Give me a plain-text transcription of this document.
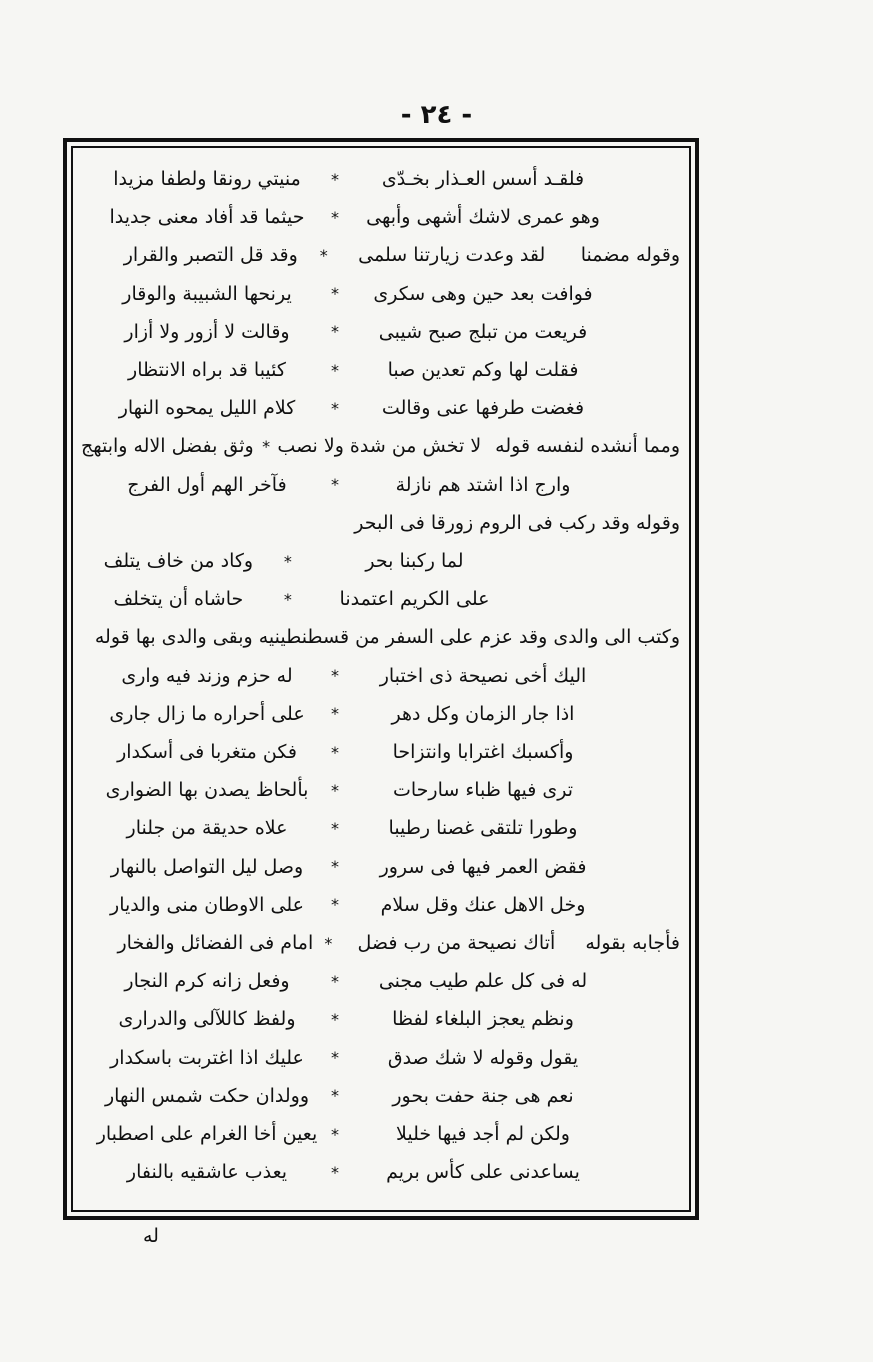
- ٢٤ -
فلقـد أسس العـذار بخـدّى
*
منيتي رونقا ولطفا مزيدا
وهو عمرى لاشك أشهى وأبهى
*
حيثما قد أفاد معنى جديدا
وقوله مضمنا
لقد وعدت زيارتنا سلمى
*
وقد قل التصبر والقرار
فوافت بعد حين وهى سكرى
*
يرنحها الشبيبة والوقار
فريعت من تبلج صبح شيبى
*
وقالت لا أزور ولا أزار
فقلت لها وكم تعدين صبا
*
كئيبا قد براه الانتظار
فغضت طرفها عنى وقالت
*
كلام الليل يمحوه النهار
ومما أنشده لنفسه قوله
لا تخش من شدة ولا نصب
*
وثق بفضل الاله وابتهج
وارج اذا اشتد هم نازلة
*
فآخر الهم أول الفرج
وقوله وقد ركب فى الروم زورقا فى البحر
لما ركبنا بحر
*
وكاد من خاف يتلف
على الكريم اعتمدنا
*
حاشاه أن يتخلف
وكتب الى والدى وقد عزم على السفر من قسطنطينيه وبقى والدى بها قوله
اليك أخى نصيحة ذى اختبار
*
له حزم وزند فيه وارى
اذا جار الزمان وكل دهر
*
على أحراره ما زال جارى
وأكسبك اغترابا وانتزاحا
*
فكن متغربا فى أسكدار
ترى فيها ظباء سارحات
*
بألحاظ يصدن بها الضوارى
وطورا تلتقى غصنا رطيبا
*
علاه حديقة من جلنار
فقض العمر فيها فى سرور
*
وصل ليل التواصل بالنهار
وخل الاهل عنك وقل سلام
*
على الاوطان منى والديار
فأجابه بقوله
أتاك نصيحة من رب فضل
*
امام فى الفضائل والفخار
له فى كل علم طيب مجنى
*
وفعل زانه كرم النجار
ونظم يعجز البلغاء لفظا
*
ولفظ كاللآلى والدرارى
يقول وقوله لا شك صدق
*
عليك اذا اغتربت باسكدار
نعم هى جنة حفت بحور
*
وولدان حكت شمس النهار
ولكن لم أجد فيها خليلا
*
يعين أخا الغرام على اصطبار
يساعدنى على كأس بريم
*
يعذب عاشقيه بالنفار
له
